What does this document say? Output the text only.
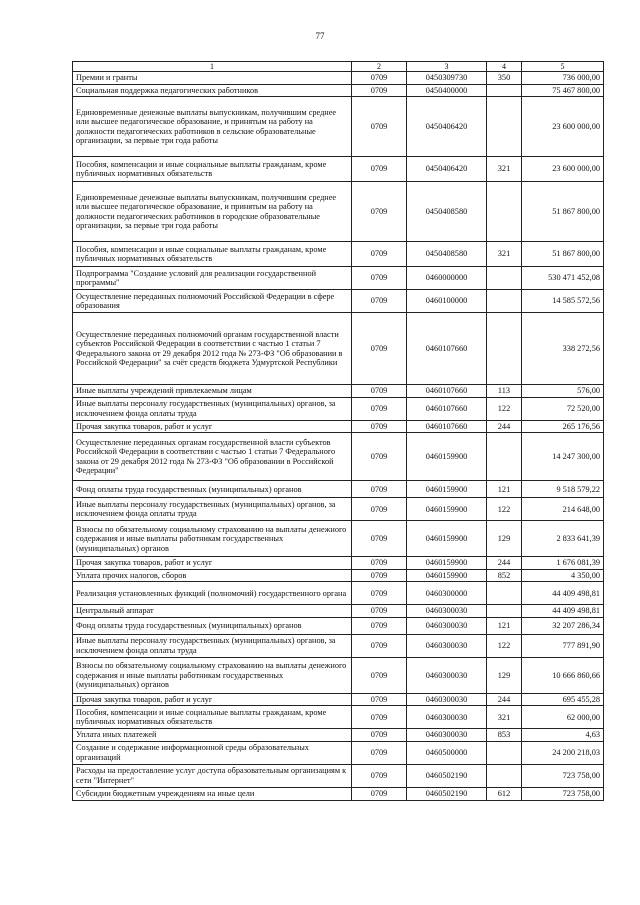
77
1	2	3	4	5
Премии и гранты	0709	0450309730	350	736 000,00
Социальная поддержка педагогических работников	0709	0450400000		75 467 800,00
Единовременные денежные выплаты выпускникам, получившим среднее или высшее педагогическое образование, и принятым на работу на должности педагогических работников в сельские образовательные организации, за первые три года работы	0709	0450406420		23 600 000,00
Пособия, компенсации и иные социальные выплаты гражданам, кроме публичных нормативных обязательств	0709	0450406420	321	23 600 000,00
Единовременные денежные выплаты выпускникам, получившим среднее или высшее педагогическое образование, и принятым на работу на должности педагогических работников в городские образовательные организации, за первые три года работы	0709	0450408580		51 867 800,00
Пособия, компенсации и иные социальные выплаты гражданам, кроме публичных нормативных обязательств	0709	0450408580	321	51 867 800,00
Подпрограмма "Создание условий для реализации государственной программы"	0709	0460000000		530 471 452,08
Осуществление переданных полномочий Российской Федерации в сфере образования	0709	0460100000		14 585 572,56
Осуществление переданных полномочий органам государственной власти субъектов Российской Федерации в соответствии с частью 1 статьи 7 Федерального закона от 29 декабря 2012 года № 273-ФЗ "Об образовании в Российской Федерации" за счёт средств бюджета Удмуртской Республики	0709	0460107660		338 272,56
Иные выплаты учреждений привлекаемым лицам	0709	0460107660	113	576,00
Иные выплаты персоналу государственных (муниципальных) органов, за исключением фонда оплаты труда	0709	0460107660	122	72 520,00
Прочая закупка товаров, работ и услуг	0709	0460107660	244	265 176,56
Осуществление переданных органам государственной власти субъектов Российской Федерации в соответствии с частью 1 статьи 7 Федерального закона от 29 декабря 2012 года № 273-ФЗ "Об образовании в Российской Федерации"	0709	0460159900		14 247 300,00
Фонд оплаты труда государственных (муниципальных) органов	0709	0460159900	121	9 518 579,22
Иные выплаты персоналу государственных (муниципальных) органов, за исключением фонда оплаты труда	0709	0460159900	122	214 648,00
Взносы по обязательному социальному страхованию на выплаты денежного содержания и иные выплаты работникам государственных (муниципальных) органов	0709	0460159900	129	2 833 641,39
Прочая закупка товаров, работ и услуг	0709	0460159900	244	1 676 081,39
Уплата прочих налогов, сборов	0709	0460159900	852	4 350,00
Реализация установленных функций (полномочий) государственного органа	0709	0460300000		44 409 498,81
Центральный аппарат	0709	0460300030		44 409 498,81
Фонд оплаты труда государственных (муниципальных) органов	0709	0460300030	121	32 207 286,34
Иные выплаты персоналу государственных (муниципальных) органов, за исключением фонда оплаты труда	0709	0460300030	122	777 891,90
Взносы по обязательному социальному страхованию на выплаты денежного содержания и иные выплаты работникам государственных (муниципальных) органов	0709	0460300030	129	10 666 860,66
Прочая закупка товаров, работ и услуг	0709	0460300030	244	695 455,28
Пособия, компенсации и иные социальные выплаты гражданам, кроме публичных нормативных обязательств	0709	0460300030	321	62 000,00
Уплата иных платежей	0709	0460300030	853	4,63
Создание и содержание информационной среды образовательных организаций	0709	0460500000		24 200 218,03
Расходы на предоставление услуг доступа образовательным организациям к сети "Интернет"	0709	0460502190		723 758,00
Субсидии бюджетным учреждениям на иные цели	0709	0460502190	612	723 758,00
